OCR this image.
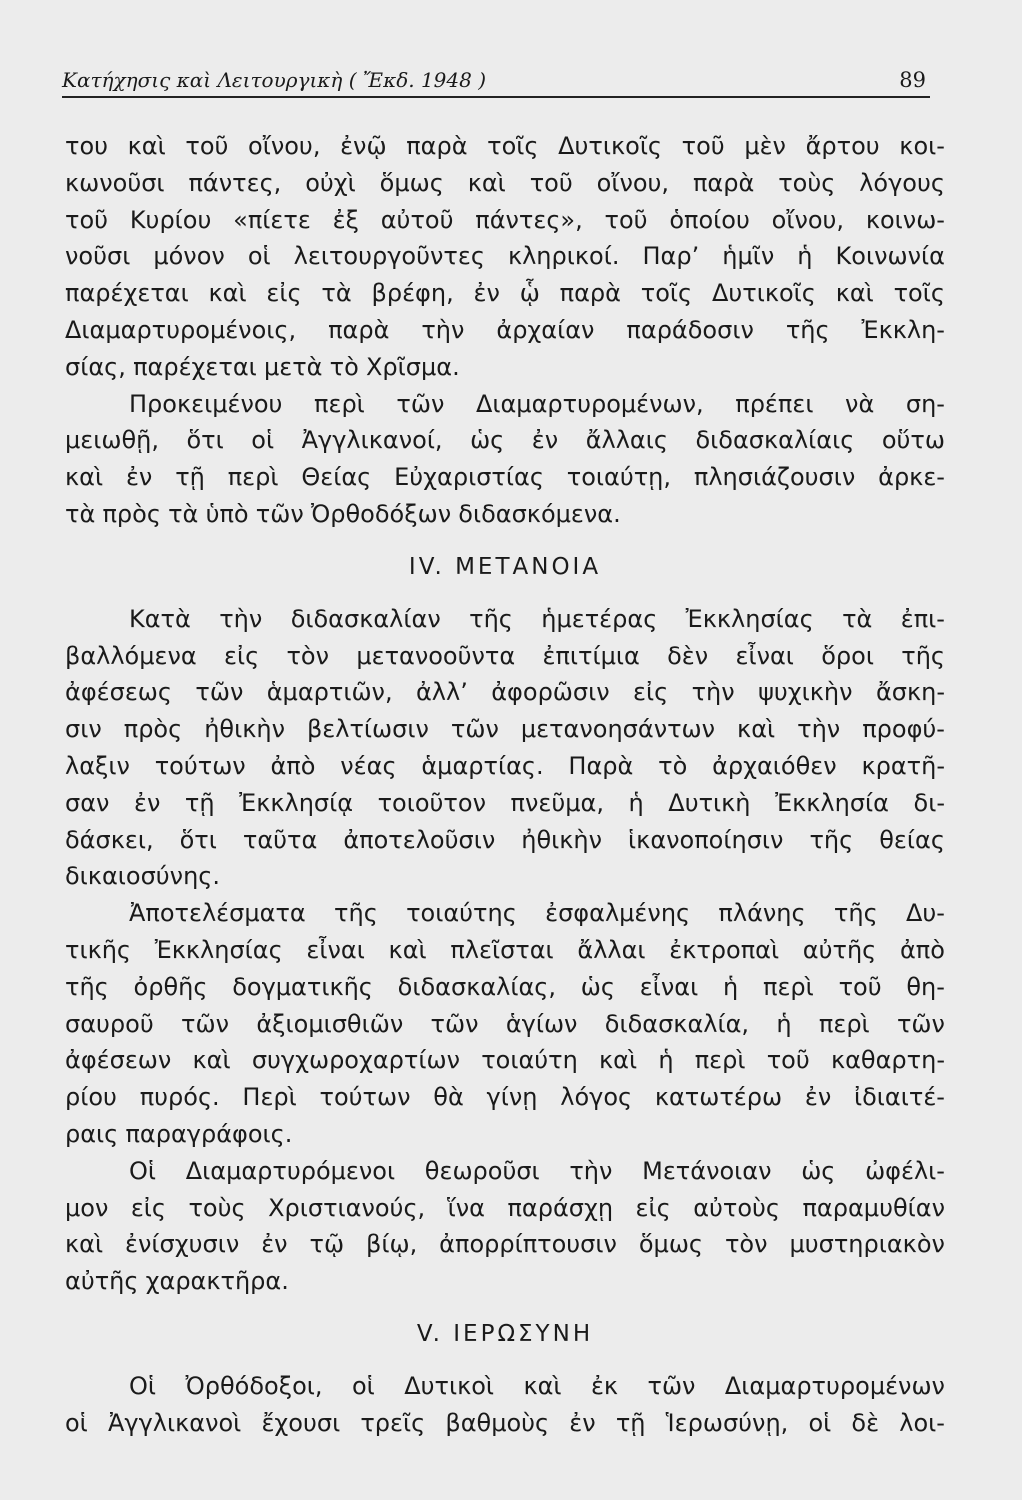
Κατήχησις καὶ Λειτουργικὴ ( Ἔκδ. 1948 )	89
του καὶ τοῦ οἴνου, ἐνῷ παρὰ τοῖς Δυτικοῖς τοῦ μὲν ἄρτου κοι-
κωνοῦσι πάντες, οὐχὶ ὅμως καὶ τοῦ οἴνου, παρὰ τοὺς λόγους
τοῦ Κυρίου «πίετε ἐξ αὐτοῦ πάντες», τοῦ ὁποίου οἴνου, κοινω-
νοῦσι μόνον οἱ λειτουργοῦντες κληρικοί. Παρ’ ἡμῖν ἡ Κοινωνία
παρέχεται καὶ εἰς τὰ βρέφη, ἐν ᾧ παρὰ τοῖς Δυτικοῖς καὶ τοῖς
Διαμαρτυρομένοις, παρὰ τὴν ἀρχαίαν παράδοσιν τῆς Ἐκκλη-
σίας, παρέχεται μετὰ τὸ Χρῖσμα.
Προκειμένου περὶ τῶν Διαμαρτυρομένων, πρέπει νὰ ση-
μειωθῇ, ὅτι οἱ Ἀγγλικανοί, ὡς ἐν ἄλλαις διδασκαλίαις οὕτω
καὶ ἐν τῇ περὶ Θείας Εὐχαριστίας τοιαύτῃ, πλησιάζουσιν ἀρκε-
τὰ πρὸς τὰ ὑπὸ τῶν Ὀρθοδόξων διδασκόμενα.
IV. ΜΕΤΑΝΟΙΑ
Κατὰ τὴν διδασκαλίαν τῆς ἡμετέρας Ἐκκλησίας τὰ ἐπι-
βαλλόμενα εἰς τὸν μετανοοῦντα ἐπιτίμια δὲν εἶναι ὅροι τῆς
ἀφέσεως τῶν ἁμαρτιῶν, ἀλλ’ ἀφορῶσιν εἰς τὴν ψυχικὴν ἄσκη-
σιν πρὸς ἠθικὴν βελτίωσιν τῶν μετανοησάντων καὶ τὴν προφύ-
λαξιν τούτων ἀπὸ νέας ἁμαρτίας. Παρὰ τὸ ἀρχαιόθεν κρατῆ-
σαν ἐν τῇ Ἐκκλησίᾳ τοιοῦτον πνεῦμα, ἡ Δυτικὴ Ἐκκλησία δι-
δάσκει, ὅτι ταῦτα ἀποτελοῦσιν ἠθικὴν ἱκανοποίησιν τῆς θείας
δικαιοσύνης.
Ἀποτελέσματα τῆς τοιαύτης ἐσφαλμένης πλάνης τῆς Δυ-
τικῆς Ἐκκλησίας εἶναι καὶ πλεῖσται ἄλλαι ἐκτροπαὶ αὐτῆς ἀπὸ
τῆς ὀρθῆς δογματικῆς διδασκαλίας, ὡς εἶναι ἡ περὶ τοῦ θη-
σαυροῦ τῶν ἀξιομισθιῶν τῶν ἁγίων διδασκαλία, ἡ περὶ τῶν
ἀφέσεων καὶ συγχωροχαρτίων τοιαύτη καὶ ἡ περὶ τοῦ καθαρτη-
ρίου πυρός. Περὶ τούτων θὰ γίνῃ λόγος κατωτέρω ἐν ἰδιαιτέ-
ραις παραγράφοις.
Οἱ Διαμαρτυρόμενοι θεωροῦσι τὴν Μετάνοιαν ὡς ὠφέλι-
μον εἰς τοὺς Χριστιανούς, ἵνα παράσχῃ εἰς αὐτοὺς παραμυθίαν
καὶ ἐνίσχυσιν ἐν τῷ βίῳ, ἀπορρίπτουσιν ὅμως τὸν μυστηριακὸν
αὐτῆς χαρακτῆρα.
V. ΙΕΡΩΣΥΝΗ
Οἱ Ὀρθόδοξοι, οἱ Δυτικοὶ καὶ ἐκ τῶν Διαμαρτυρομένων
οἱ Ἀγγλικανοὶ ἔχουσι τρεῖς βαθμοὺς ἐν τῇ Ἱερωσύνῃ, οἱ δὲ λοι-
